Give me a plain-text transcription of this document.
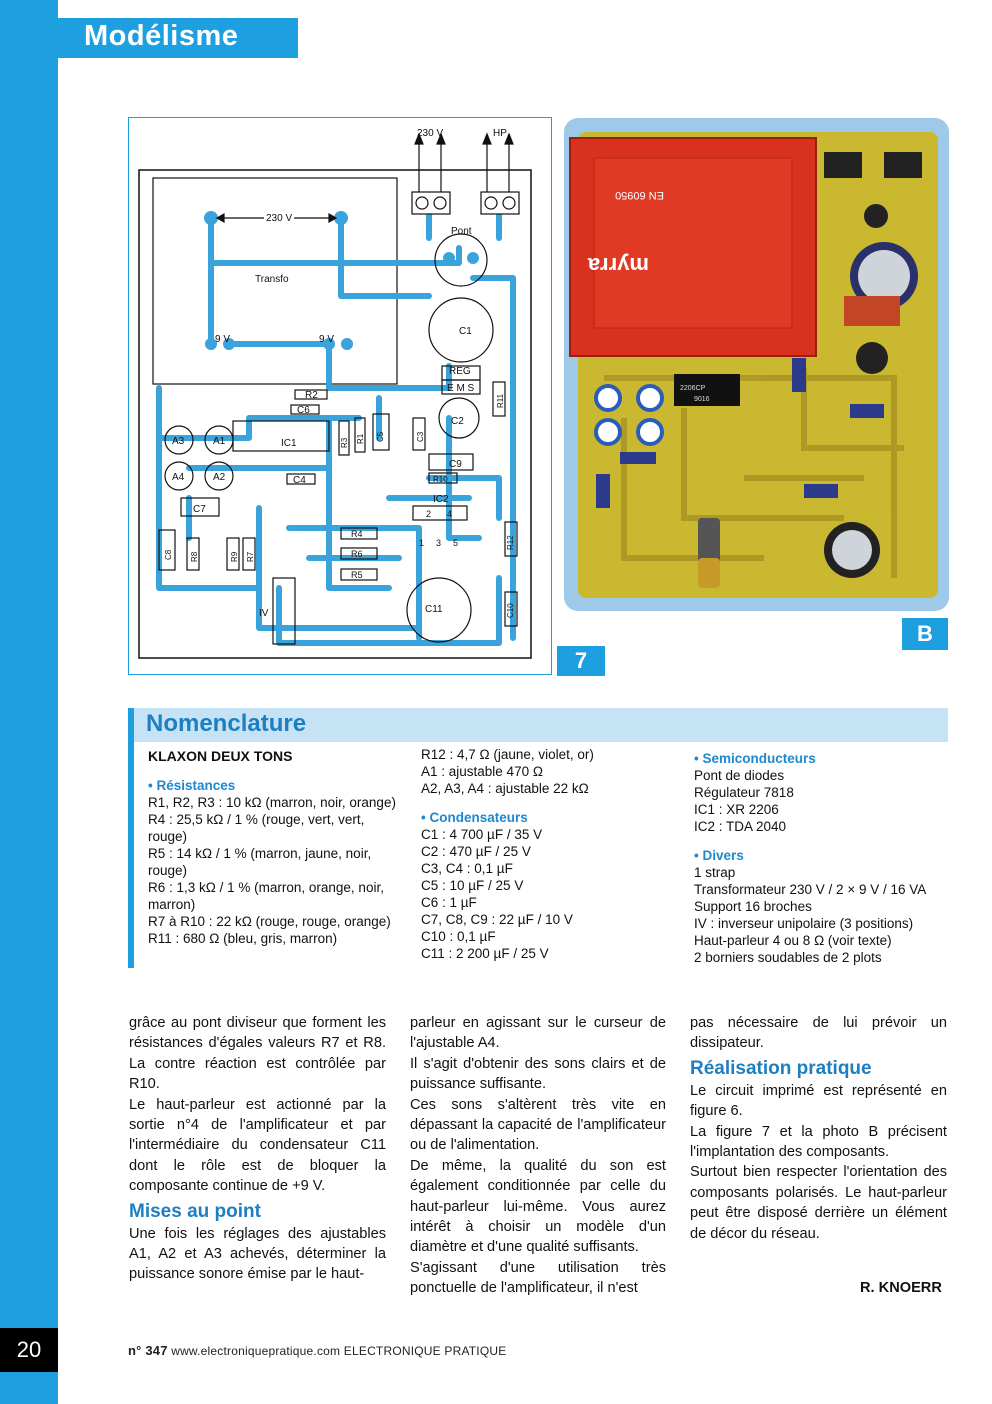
20
Modélisme
230 V	HP
230 V
Pont
Transfo
C1
9 V	9 V
REG
E M S
R2
C6
R11
R3 R1 C5
C2
C3
IC1
A3	A1
A4	A2	C4
C9
R10
IC2
C7
C8 R8	R9 R7
R4
R6
R5
R12
IV	C11	C10
2 4
1 3 5
7
EN 60950
myrra
2206CP
9016
B
Nomenclature

KLAXON DEUX TONS

• Résistances

R1, R2, R3 : 10 kΩ (marron, noir, orange)

R4 : 25,5 kΩ / 1 % (rouge, vert, vert, rouge)

R5 : 14 kΩ / 1 % (marron, jaune, noir, rouge)

R6 : 1,3 kΩ / 1 % (marron, orange, noir, marron)

R7 à R10 : 22 kΩ (rouge, rouge, orange)

R11 : 680 Ω (bleu, gris, marron)

R12 : 4,7 Ω (jaune, violet, or)

A1 : ajustable 470 Ω

A2, A3, A4 : ajustable 22 kΩ

• Condensateurs

C1 : 4 700 µF / 35 V

C2 : 470 µF / 25 V

C3, C4 : 0,1 µF

C5 : 10 µF / 25 V

C6 : 1 µF

C7, C8, C9 : 22 µF / 10 V

C10 : 0,1 µF

C11 : 2 200 µF / 25 V

• Semiconducteurs

Pont de diodes

Régulateur 7818

IC1 : XR 2206

IC2 : TDA 2040

• Divers

1 strap

Transformateur 230 V / 2 × 9 V / 16 VA

Support 16 broches

IV : inverseur unipolaire (3 positions)

Haut-parleur 4 ou 8 Ω (voir texte)

2 borniers soudables de 2 plots

grâce au pont diviseur que forment les résistances d'égales valeurs R7 et R8. La contre réaction est contrôlée par R10.

Le haut-parleur est actionné par la sortie n°4 de l'amplificateur et par l'intermédiaire du condensateur C11 dont le rôle est de bloquer la composante continue de +9 V.

Mises au point

Une fois les réglages des ajustables A1, A2 et A3 achevés, déterminer la puissance sonore émise par le haut-

parleur en agissant sur le curseur de l'ajustable A4.

Il s'agit d'obtenir des sons clairs et de puissance suffisante.

Ces sons s'altèrent très vite en dépassant la capacité de l'amplificateur ou de l'alimentation.

De même, la qualité du son est également conditionnée par celle du haut-parleur lui-même. Vous aurez intérêt à choisir un modèle d'un diamètre et d'une qualité suffisants.

S'agissant d'une utilisation très ponctuelle de l'amplificateur, il n'est

pas nécessaire de lui prévoir un dissipateur.

Réalisation pratique

Le circuit imprimé est représenté en figure 6.

La figure 7 et la photo B précisent l'implantation des composants.

Surtout bien respecter l'orientation des composants polarisés. Le haut-parleur peut être disposé derrière un élément de décor du réseau.

R. KNOERR
n° 347 www.electroniquepratique.com ELECTRONIQUE PRATIQUE
